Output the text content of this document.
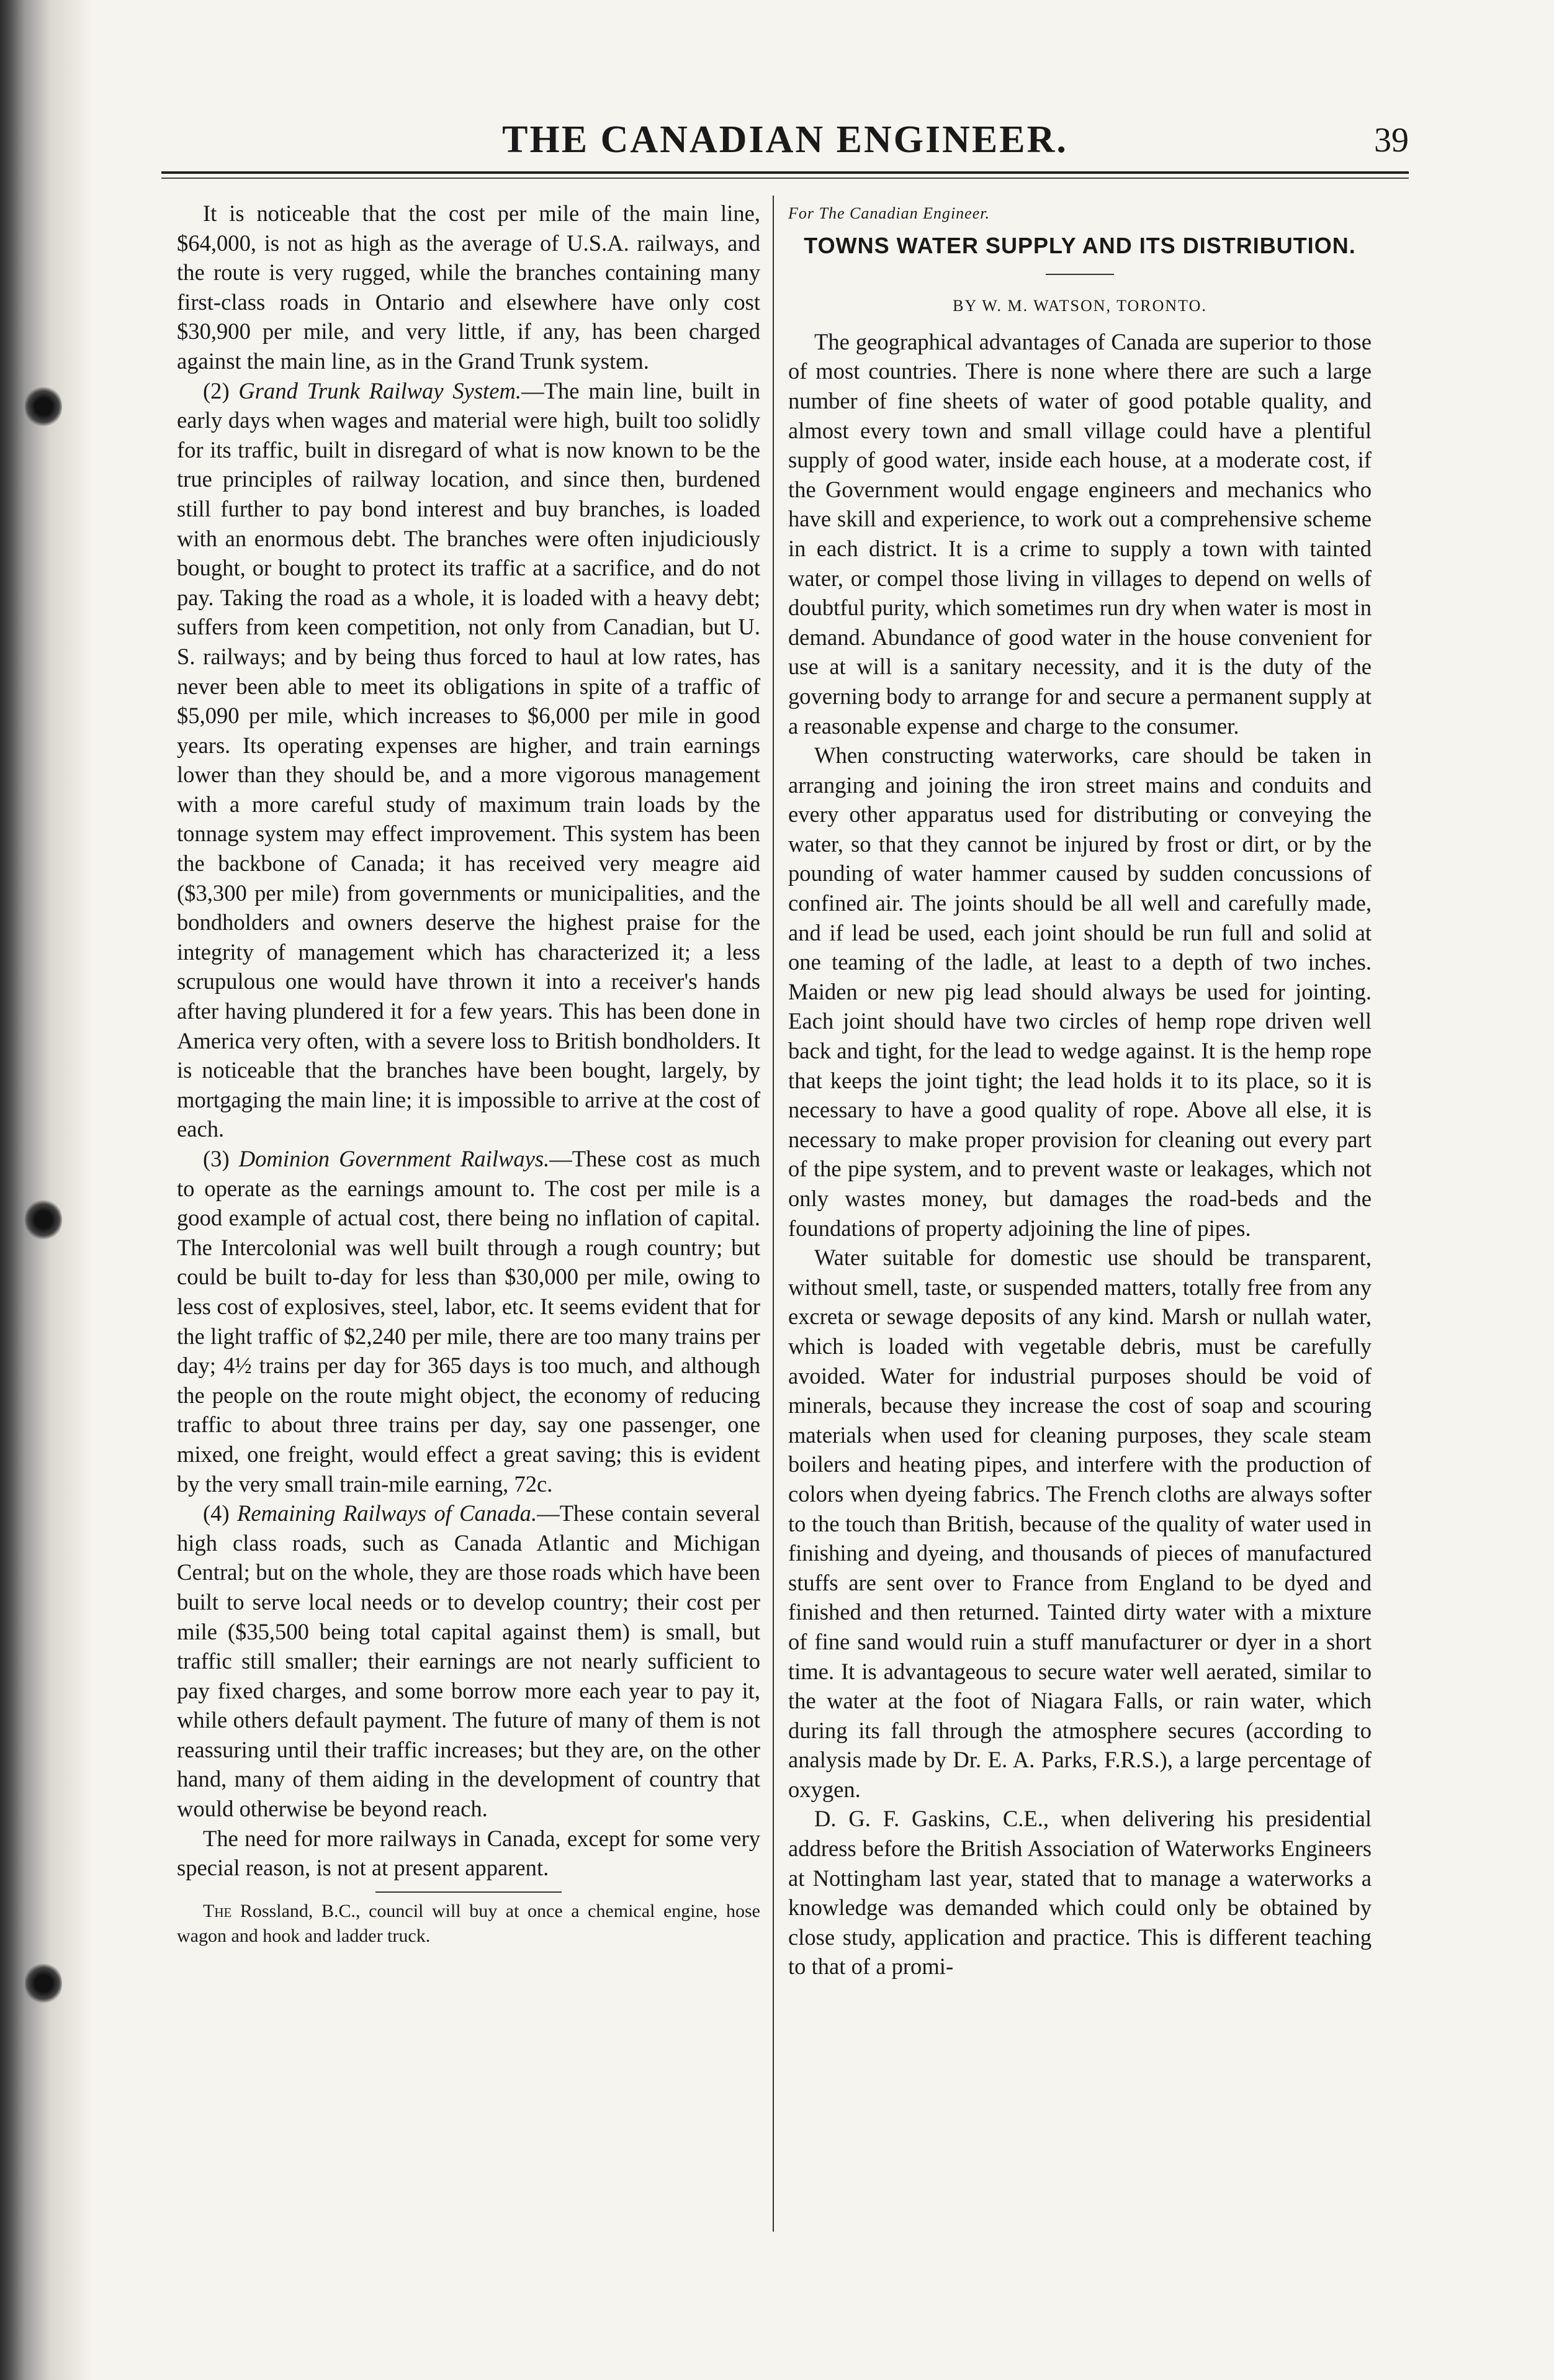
THE CANADIAN ENGINEER.	39

It is noticeable that the cost per mile of the main line, $64,000, is not as high as the average of U.S.A. railways, and the route is very rugged, while the branches containing many first-class roads in Ontario and elsewhere have only cost $30,900 per mile, and very little, if any, has been charged against the main line, as in the Grand Trunk system.

(2) Grand Trunk Railway System.—The main line, built in early days when wages and material were high, built too solidly for its traffic, built in disregard of what is now known to be the true principles of railway location, and since then, burdened still further to pay bond interest and buy branches, is loaded with an enormous debt. The branches were often injudiciously bought, or bought to protect its traffic at a sacrifice, and do not pay. Taking the road as a whole, it is loaded with a heavy debt; suffers from keen competition, not only from Canadian, but U. S. railways; and by being thus forced to haul at low rates, has never been able to meet its obligations in spite of a traffic of $5,090 per mile, which increases to $6,000 per mile in good years. Its operating expenses are higher, and train earnings lower than they should be, and a more vigorous management with a more careful study of maximum train loads by the tonnage system may effect improvement. This system has been the backbone of Canada; it has received very meagre aid ($3,300 per mile) from governments or municipalities, and the bondholders and owners deserve the highest praise for the integrity of management which has characterized it; a less scrupulous one would have thrown it into a receiver's hands after having plundered it for a few years. This has been done in America very often, with a severe loss to British bondholders. It is noticeable that the branches have been bought, largely, by mortgaging the main line; it is impossible to arrive at the cost of each.

(3) Dominion Government Railways.—These cost as much to operate as the earnings amount to. The cost per mile is a good example of actual cost, there being no inflation of capital. The Intercolonial was well built through a rough country; but could be built to-day for less than $30,000 per mile, owing to less cost of explosives, steel, labor, etc. It seems evident that for the light traffic of $2,240 per mile, there are too many trains per day; 4½ trains per day for 365 days is too much, and although the people on the route might object, the economy of reducing traffic to about three trains per day, say one passenger, one mixed, one freight, would effect a great saving; this is evident by the very small train-mile earning, 72c.

(4) Remaining Railways of Canada.—These contain several high class roads, such as Canada Atlantic and Michigan Central; but on the whole, they are those roads which have been built to serve local needs or to develop country; their cost per mile ($35,500 being total capital against them) is small, but traffic still smaller; their earnings are not nearly sufficient to pay fixed charges, and some borrow more each year to pay it, while others default payment. The future of many of them is not reassuring until their traffic increases; but they are, on the other hand, many of them aiding in the development of country that would otherwise be beyond reach.

The need for more railways in Canada, except for some very special reason, is not at present apparent.

The Rossland, B.C., council will buy at once a chemical engine, hose wagon and hook and ladder truck.

For The Canadian Engineer.
TOWNS WATER SUPPLY AND ITS DISTRIBUTION.
BY W. M. WATSON, TORONTO.

The geographical advantages of Canada are superior to those of most countries. There is none where there are such a large number of fine sheets of water of good potable quality, and almost every town and small village could have a plentiful supply of good water, inside each house, at a moderate cost, if the Government would engage engineers and mechanics who have skill and experience, to work out a comprehensive scheme in each district. It is a crime to supply a town with tainted water, or compel those living in villages to depend on wells of doubtful purity, which sometimes run dry when water is most in demand. Abundance of good water in the house convenient for use at will is a sanitary necessity, and it is the duty of the governing body to arrange for and secure a permanent supply at a reasonable expense and charge to the consumer.

When constructing waterworks, care should be taken in arranging and joining the iron street mains and conduits and every other apparatus used for distributing or conveying the water, so that they cannot be injured by frost or dirt, or by the pounding of water hammer caused by sudden concussions of confined air. The joints should be all well and carefully made, and if lead be used, each joint should be run full and solid at one teaming of the ladle, at least to a depth of two inches. Maiden or new pig lead should always be used for jointing. Each joint should have two circles of hemp rope driven well back and tight, for the lead to wedge against. It is the hemp rope that keeps the joint tight; the lead holds it to its place, so it is necessary to have a good quality of rope. Above all else, it is necessary to make proper provision for cleaning out every part of the pipe system, and to prevent waste or leakages, which not only wastes money, but damages the road-beds and the foundations of property adjoining the line of pipes.

Water suitable for domestic use should be transparent, without smell, taste, or suspended matters, totally free from any excreta or sewage deposits of any kind. Marsh or nullah water, which is loaded with vegetable debris, must be carefully avoided. Water for industrial purposes should be void of minerals, because they increase the cost of soap and scouring materials when used for cleaning purposes, they scale steam boilers and heating pipes, and interfere with the production of colors when dyeing fabrics. The French cloths are always softer to the touch than British, because of the quality of water used in finishing and dyeing, and thousands of pieces of manufactured stuffs are sent over to France from England to be dyed and finished and then returned. Tainted dirty water with a mixture of fine sand would ruin a stuff manufacturer or dyer in a short time. It is advantageous to secure water well aerated, similar to the water at the foot of Niagara Falls, or rain water, which during its fall through the atmosphere secures (according to analysis made by Dr. E. A. Parks, F.R.S.), a large percentage of oxygen.

D. G. F. Gaskins, C.E., when delivering his presidential address before the British Association of Waterworks Engineers at Nottingham last year, stated that to manage a waterworks a knowledge was demanded which could only be obtained by close study, application and practice. This is different teaching to that of a promi-
